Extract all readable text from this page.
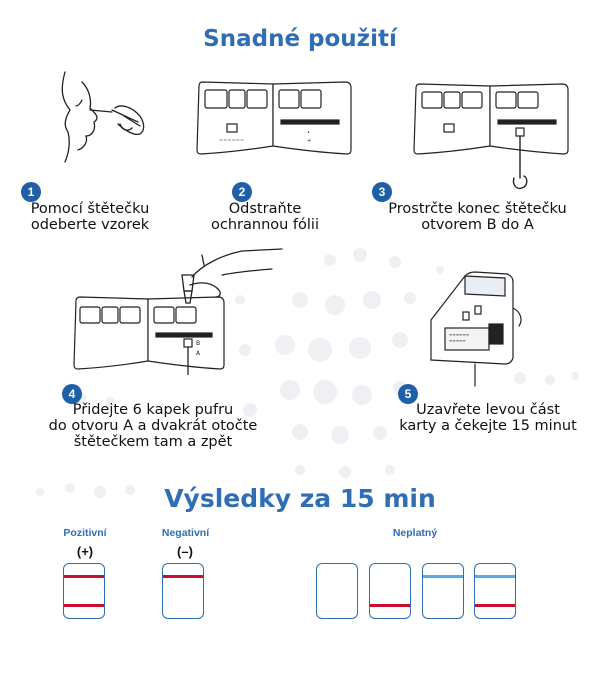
Snadné použití
~~~~~~
•
+
B
A
≡≡≡≡≡≡
≡≡≡≡≡
1
Pomocí štětečku
odeberte vzorek
2
Odstraňte
ochrannou fólii
3
Prostrčte konec štětečku
otvorem B do A
4
Přidejte 6 kapek pufru
do otvoru A a dvakrát otočte
štětečkem tam a zpět
5
Uzavřete levou část
karty a čekejte 15 minut
Výsledky za 15 min
Pozitivní
(+)
Negativní
(–)
Neplatný
